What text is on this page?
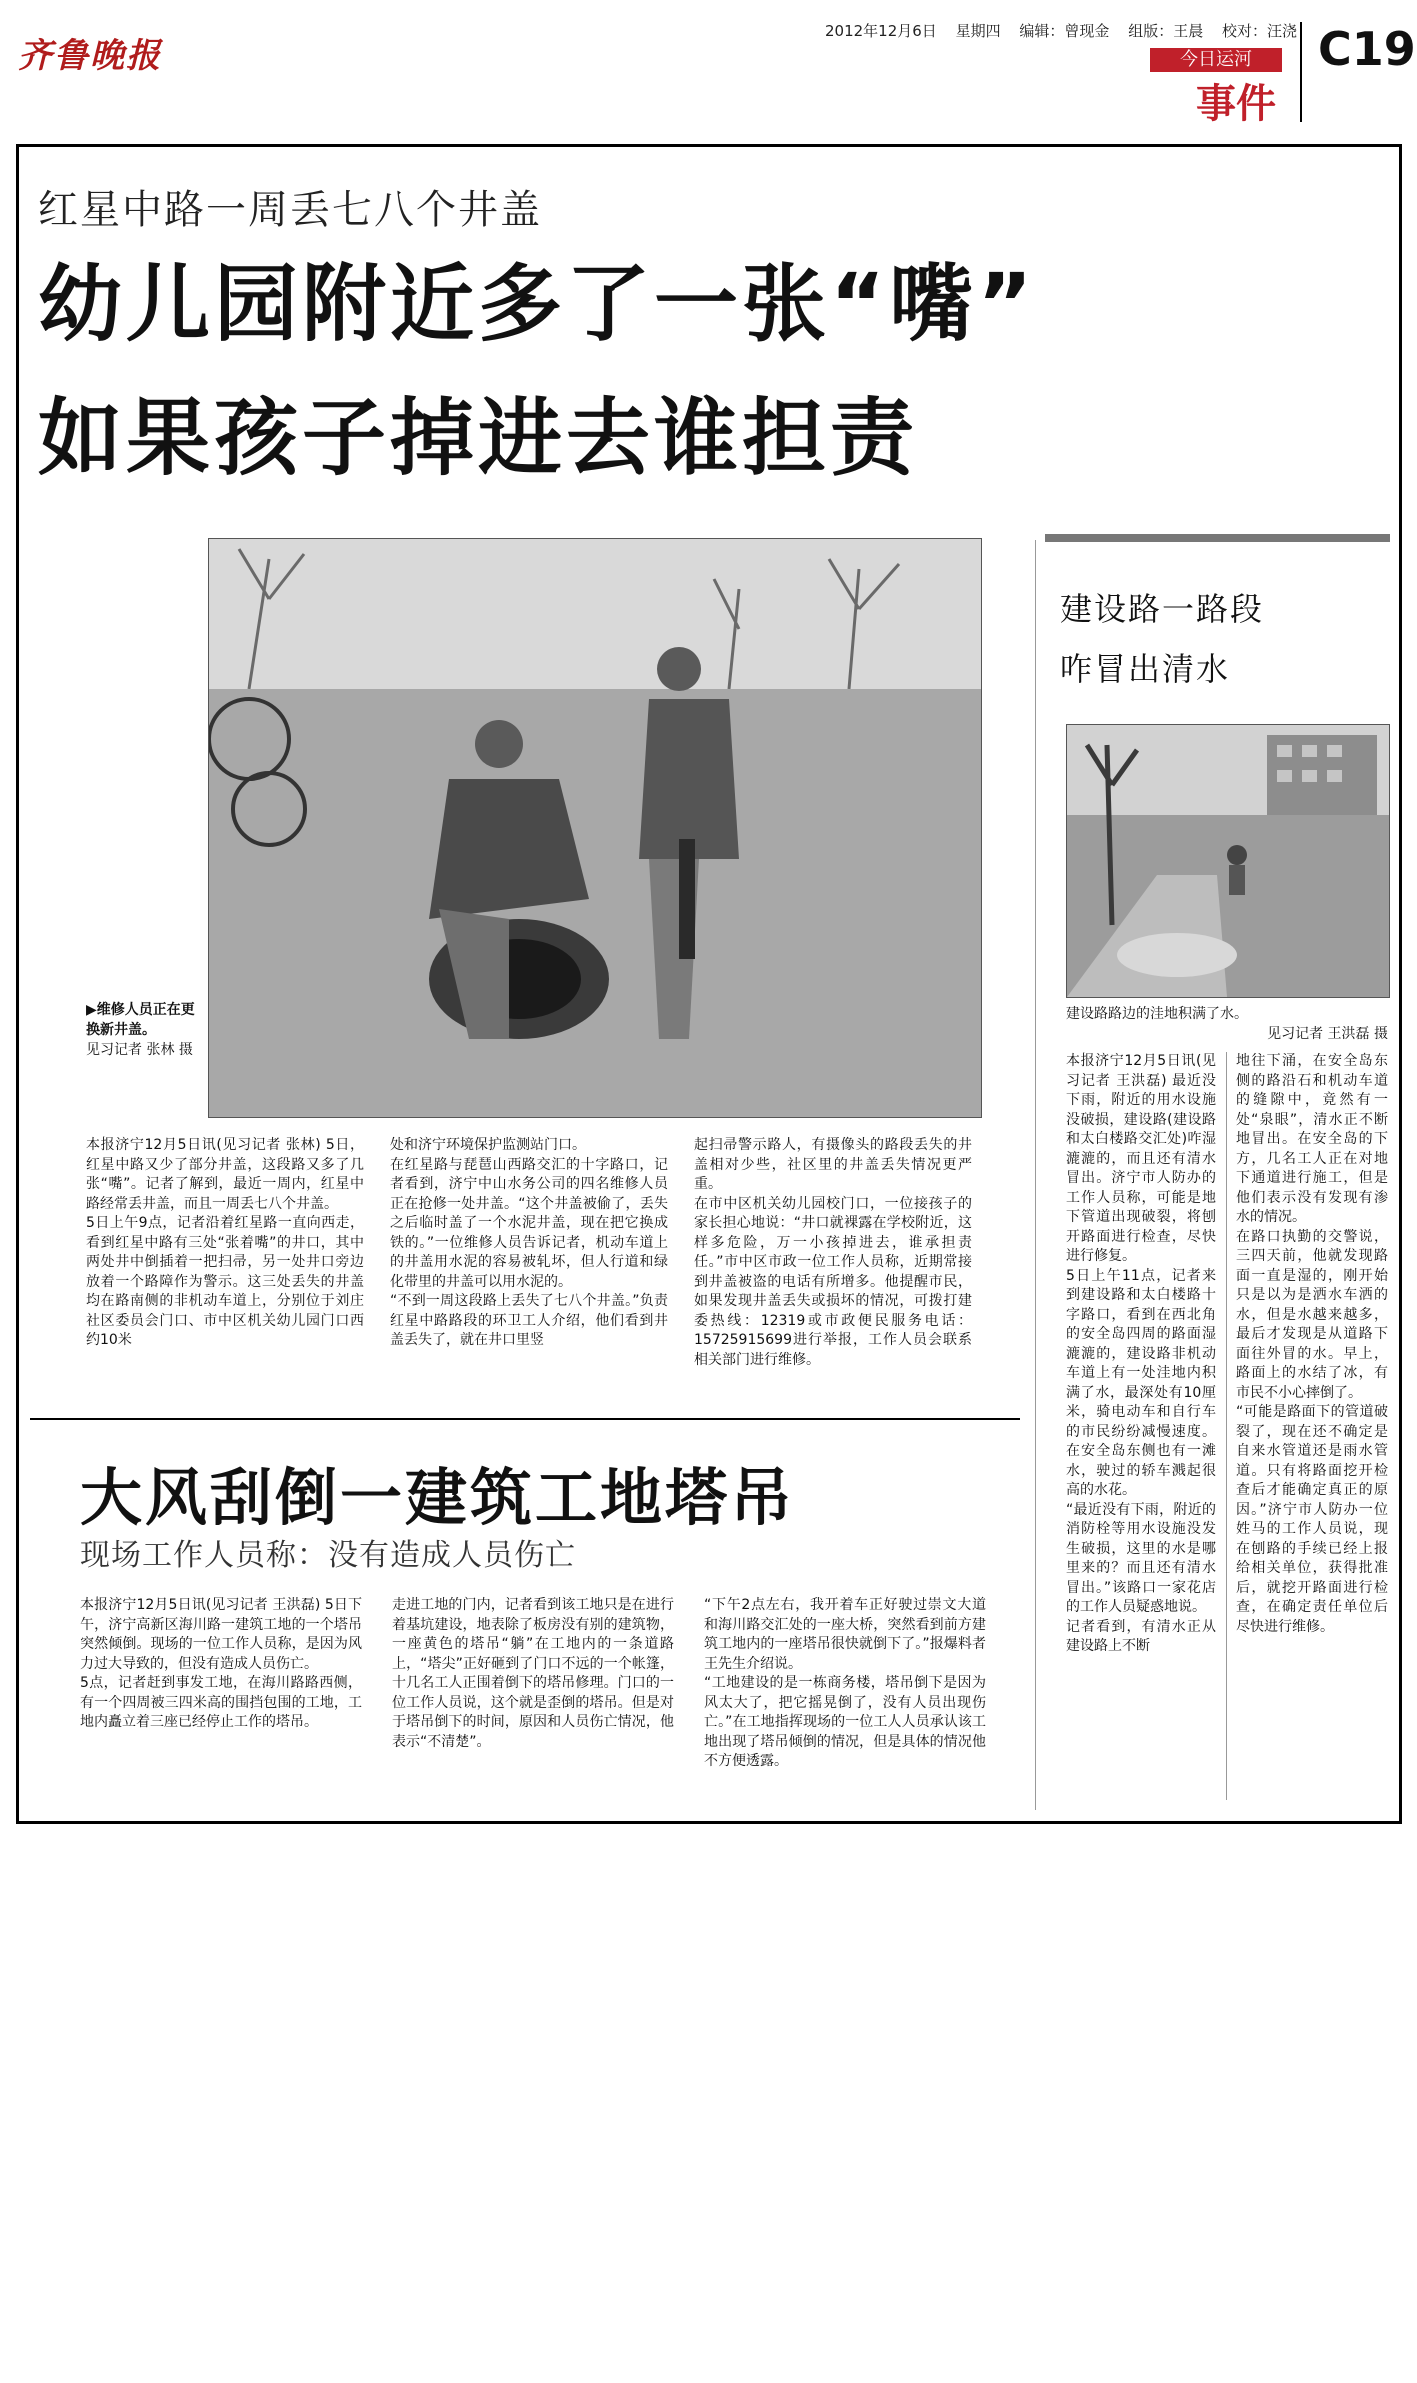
齐鲁晚报
2012年12月6日 星期四 编辑：曾现金 组版：王晨 校对：汪浇
今日运河
事件
C19
红星中路一周丢七八个井盖
幼儿园附近多了一张“嘴”
如果孩子掉进去谁担责
▶维修人员正在更换新井盖。
见习记者 张林 摄
本报济宁12月5日讯(见习记者 张林) 5日，红星中路又少了部分井盖，这段路又多了几张“嘴”。记者了解到，最近一周内，红星中路经常丢井盖，而且一周丢七八个井盖。
5日上午9点，记者沿着红星路一直向西走，看到红星中路有三处“张着嘴”的井口，其中两处井中倒插着一把扫帚，另一处井口旁边放着一个路障作为警示。这三处丢失的井盖均在路南侧的非机动车道上，分别位于刘庄社区委员会门口、市中区机关幼儿园门口西约10米
处和济宁环境保护监测站门口。
在红星路与琵琶山西路交汇的十字路口，记者看到，济宁中山水务公司的四名维修人员正在抢修一处井盖。“这个井盖被偷了，丢失之后临时盖了一个水泥井盖，现在把它换成铁的。”一位维修人员告诉记者，机动车道上的井盖用水泥的容易被轧坏，但人行道和绿化带里的井盖可以用水泥的。
“不到一周这段路上丢失了七八个井盖。”负责红星中路路段的环卫工人介绍，他们看到井盖丢失了，就在井口里竖
起扫帚警示路人，有摄像头的路段丢失的井盖相对少些，社区里的井盖丢失情况更严重。
在市中区机关幼儿园校门口，一位接孩子的家长担心地说：“井口就裸露在学校附近，这样多危险，万一小孩掉进去，谁承担责任。”市中区市政一位工作人员称，近期常接到井盖被盗的电话有所增多。他提醒市民，如果发现井盖丢失或损坏的情况，可拨打建委热线：12319或市政便民服务电话：15725915699进行举报，工作人员会联系相关部门进行维修。
大风刮倒一建筑工地塔吊
现场工作人员称：没有造成人员伤亡
本报济宁12月5日讯(见习记者 王洪磊) 5日下午，济宁高新区海川路一建筑工地的一个塔吊突然倾倒。现场的一位工作人员称，是因为风力过大导致的，但没有造成人员伤亡。
5点，记者赶到事发工地，在海川路路西侧，有一个四周被三四米高的围挡包围的工地，工地内矗立着三座已经停止工作的塔吊。
走进工地的门内，记者看到该工地只是在进行着基坑建设，地表除了板房没有别的建筑物，一座黄色的塔吊“躺”在工地内的一条道路上，“塔尖”正好砸到了门口不远的一个帐篷，十几名工人正围着倒下的塔吊修理。门口的一位工作人员说，这个就是歪倒的塔吊。但是对于塔吊倒下的时间，原因和人员伤亡情况，他表示“不清楚”。
“下午2点左右，我开着车正好驶过崇文大道和海川路交汇处的一座大桥，突然看到前方建筑工地内的一座塔吊很快就倒下了。”报爆料者王先生介绍说。
“工地建设的是一栋商务楼，塔吊倒下是因为风太大了，把它摇晃倒了，没有人员出现伤亡。”在工地指挥现场的一位工人人员承认该工地出现了塔吊倾倒的情况，但是具体的情况他不方便透露。
建设路一路段
咋冒出清水
建设路路边的洼地积满了水。
见习记者 王洪磊 摄
本报济宁12月5日讯(见习记者 王洪磊) 最近没下雨，附近的用水设施没破损，建设路(建设路和太白楼路交汇处)咋湿漉漉的，而且还有清水冒出。济宁市人防办的工作人员称，可能是地下管道出现破裂，将刨开路面进行检查，尽快进行修复。
5日上午11点，记者来到建设路和太白楼路十字路口，看到在西北角的安全岛四周的路面湿漉漉的，建设路非机动车道上有一处洼地内积满了水，最深处有10厘米，骑电动车和自行车的市民纷纷减慢速度。在安全岛东侧也有一滩水，驶过的轿车溅起很高的水花。
“最近没有下雨，附近的消防栓等用水设施没发生破损，这里的水是哪里来的？而且还有清水冒出。”该路口一家花店的工作人员疑惑地说。
记者看到，有清水正从建设路上不断
地往下涌，在安全岛东侧的路沿石和机动车道的缝隙中，竟然有一处“泉眼”，清水正不断地冒出。在安全岛的下方，几名工人正在对地下通道进行施工，但是他们表示没有发现有渗水的情况。
在路口执勤的交警说，三四天前，他就发现路面一直是湿的，刚开始只是以为是洒水车洒的水，但是水越来越多，最后才发现是从道路下面往外冒的水。早上，路面上的水结了冰，有市民不小心摔倒了。
“可能是路面下的管道破裂了，现在还不确定是自来水管道还是雨水管道。只有将路面挖开检查后才能确定真正的原因。”济宁市人防办一位姓马的工作人员说，现在刨路的手续已经上报给相关单位，获得批准后，就挖开路面进行检查，在确定责任单位后尽快进行维修。
